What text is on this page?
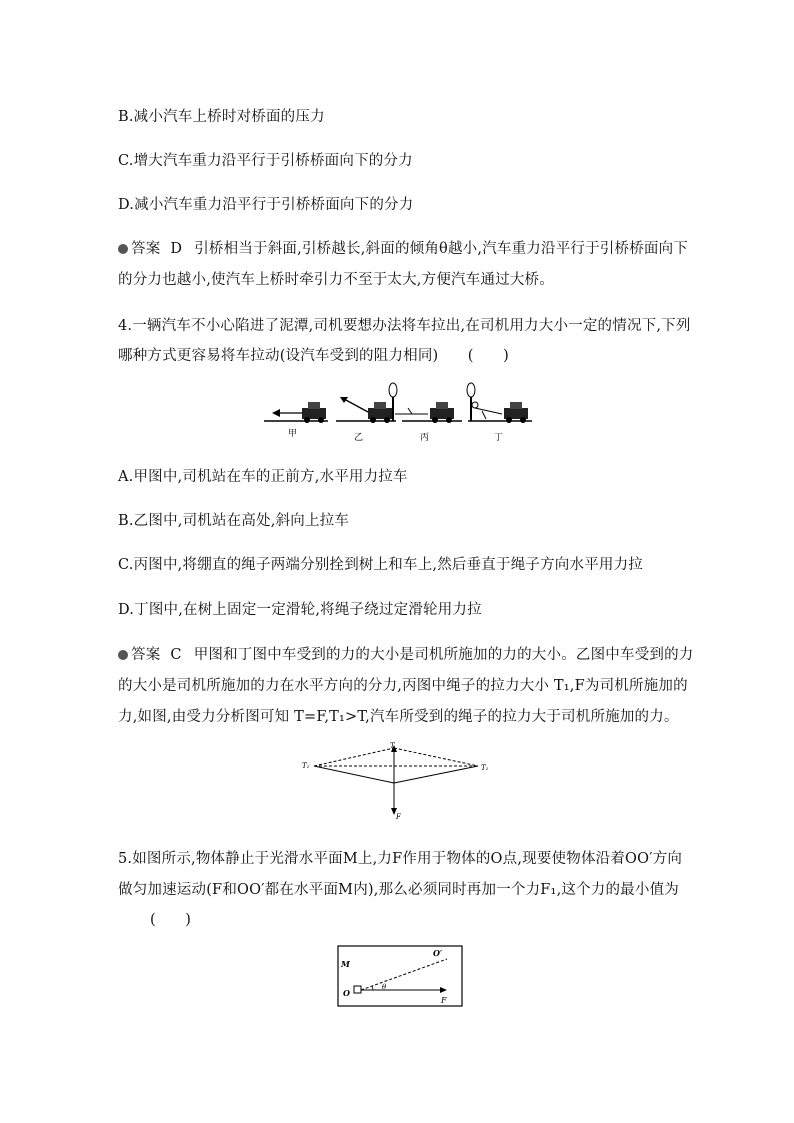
B.减小汽车上桥时对桥面的压力
C.增大汽车重力沿平行于引桥桥面向下的分力
D.减小汽车重力沿平行于引桥桥面向下的分力
答案 D 引桥相当于斜面,引桥越长,斜面的倾角θ越小,汽车重力沿平行于引桥桥面向下
的分力也越小,使汽车上桥时牵引力不至于太大,方便汽车通过大桥。
4.一辆汽车不小心陷进了泥潭,司机要想办法将车拉出,在司机用力大小一定的情况下,下列
哪种方式更容易将车拉动(设汽车受到的阻力相同)　　(　　)
甲	乙	丙	丁
A.甲图中,司机站在车的正前方,水平用力拉车
B.乙图中,司机站在高处,斜向上拉车
C.丙图中,将绷直的绳子两端分别拴到树上和车上,然后垂直于绳子方向水平用力拉
D.丁图中,在树上固定一定滑轮,将绳子绕过定滑轮用力拉
答案 C 甲图和丁图中车受到的力的大小是司机所施加的力的大小。乙图中车受到的力
的大小是司机所施加的力在水平方向的分力,丙图中绳子的拉力大小 T₁,F为司机所施加的
力,如图,由受力分析图可知 T=F,T₁>T,汽车所受到的绳子的拉力大于司机所施加的力。
T
T₁	T₁
F
5.如图所示,物体静止于光滑水平面M上,力F作用于物体的O点,现要使物体沿着OO′方向
做匀加速运动(F和OO′都在水平面M内),那么必须同时再加一个力F₁,这个力的最小值为
(　　)
M
O
F
O′
θ
